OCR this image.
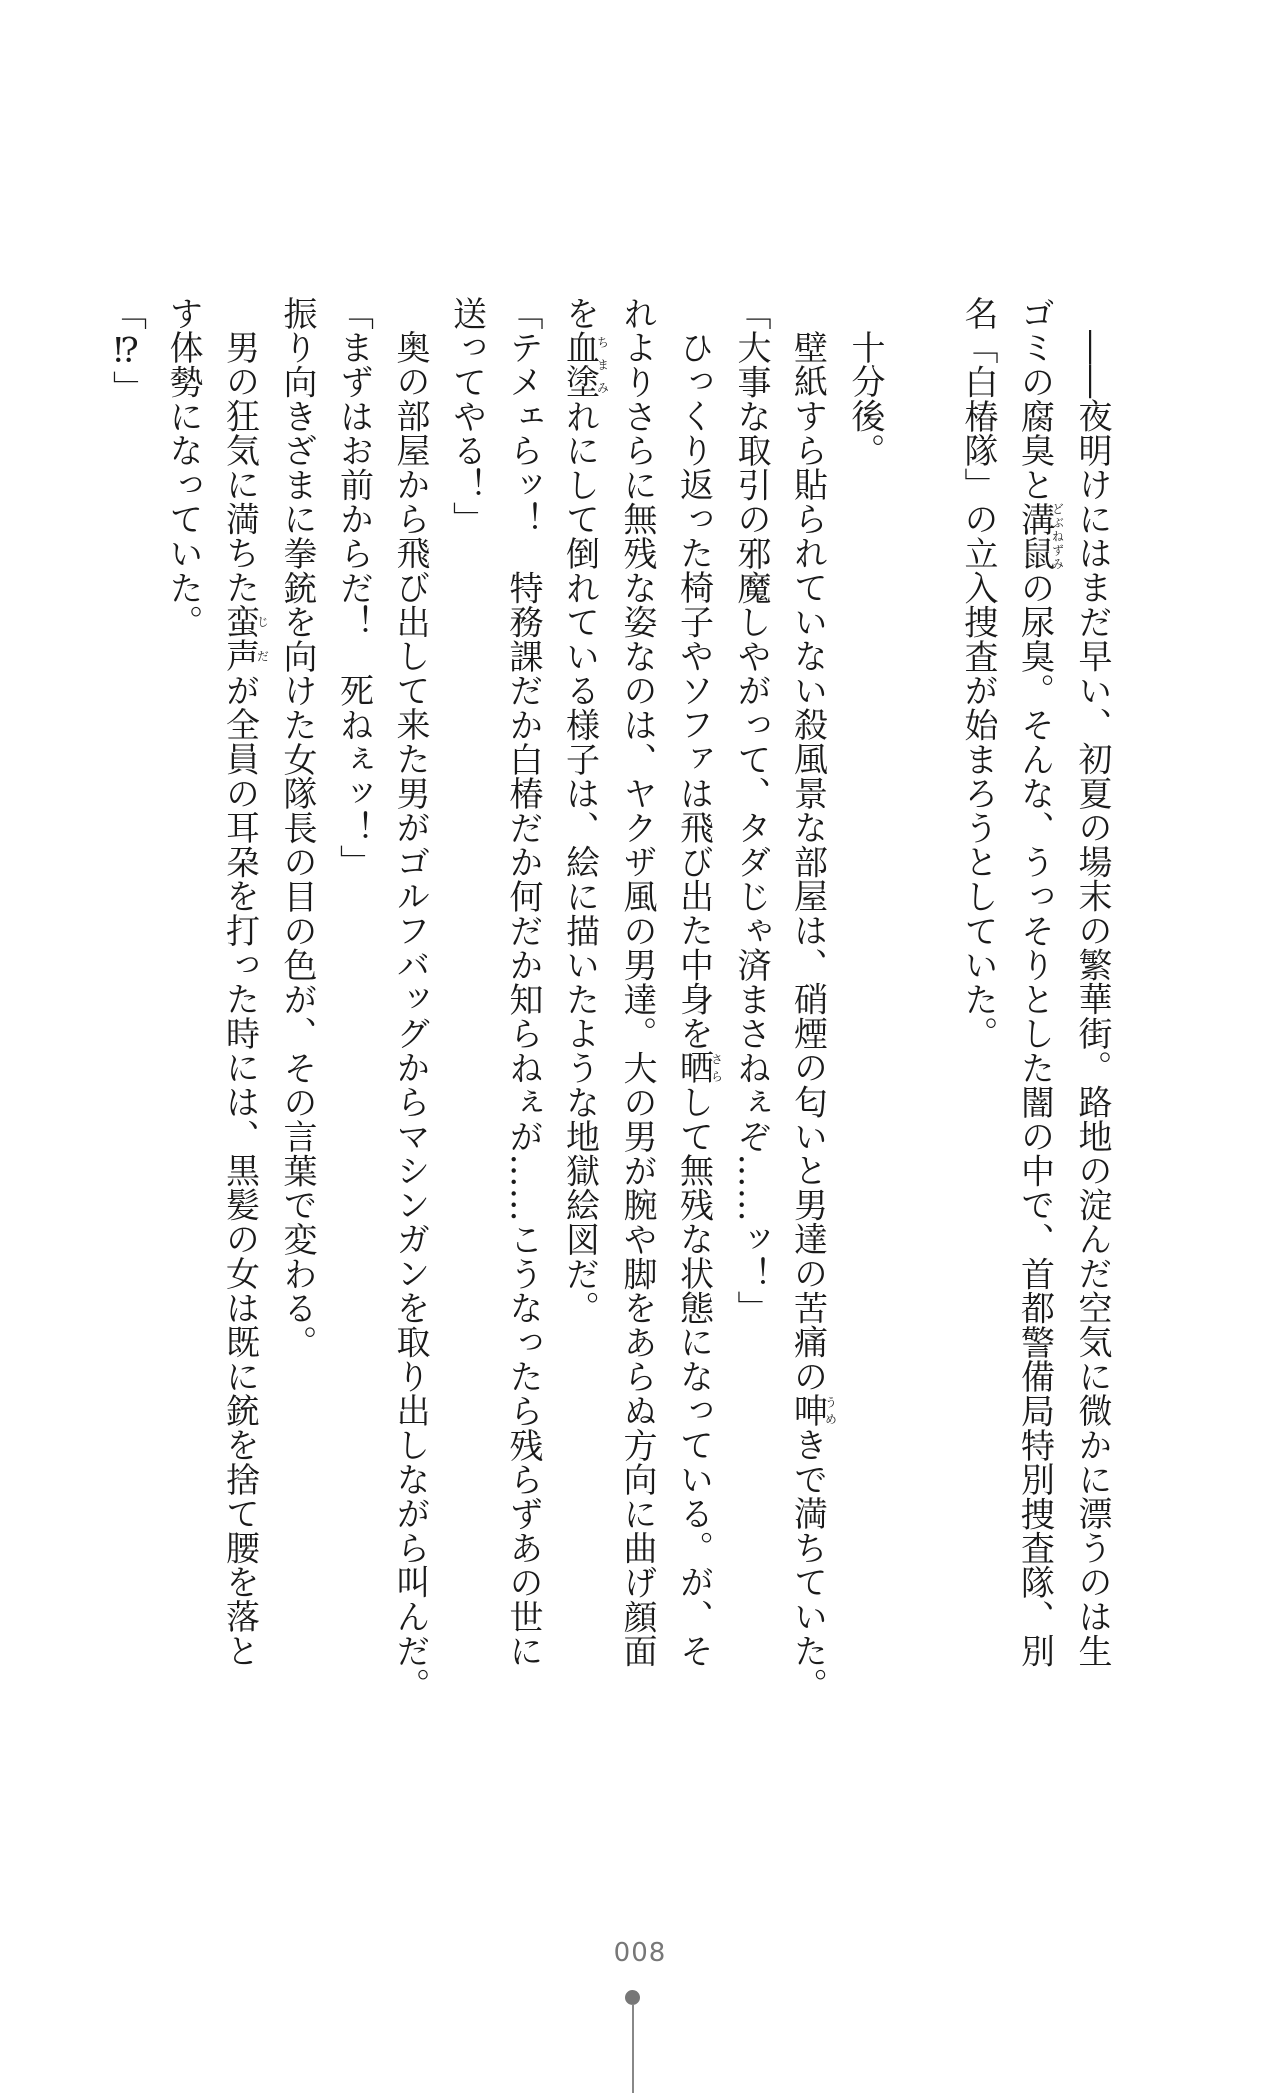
――夜明けにはまだ早い、初夏の場末の繁華街。路地の淀んだ空気に微かに漂うのは生
ゴミの腐臭と溝鼠どぶねずみの尿臭。そんな、うっそりとした闇の中で、首都警備局特別捜査隊、別
名「白椿隊」の立入捜査が始まろうとしていた。
十分後。
壁紙すら貼られていない殺風景な部屋は、硝煙の匂いと男達の苦痛の呻うめきで満ちていた。
「大事な取引の邪魔しやがって、タダじゃ済まさねぇぞ……ッ！」
ひっくり返った椅子やソファは飛び出た中身を晒さらして無残な状態になっている。が、そ
れよりさらに無残な姿なのは、ヤクザ風の男達。大の男が腕や脚をあらぬ方向に曲げ顔面
を血塗ちまみれにして倒れている様子は、絵に描いたような地獄絵図だ。
「テメェらッ！　特務課だか白椿だか何だか知らねぇが……こうなったら残らずあの世に
送ってやる！」
奥の部屋から飛び出して来た男がゴルフバッグからマシンガンを取り出しながら叫んだ。
「まずはお前からだ！　死ねぇッ！」
振り向きざまに拳銃を向けた女隊長の目の色が、その言葉で変わる。
男の狂気に満ちた蛮声じだが全員の耳朶を打った時には、黒髪の女は既に銃を捨て腰を落と
す体勢になっていた。
「⁉」
008
